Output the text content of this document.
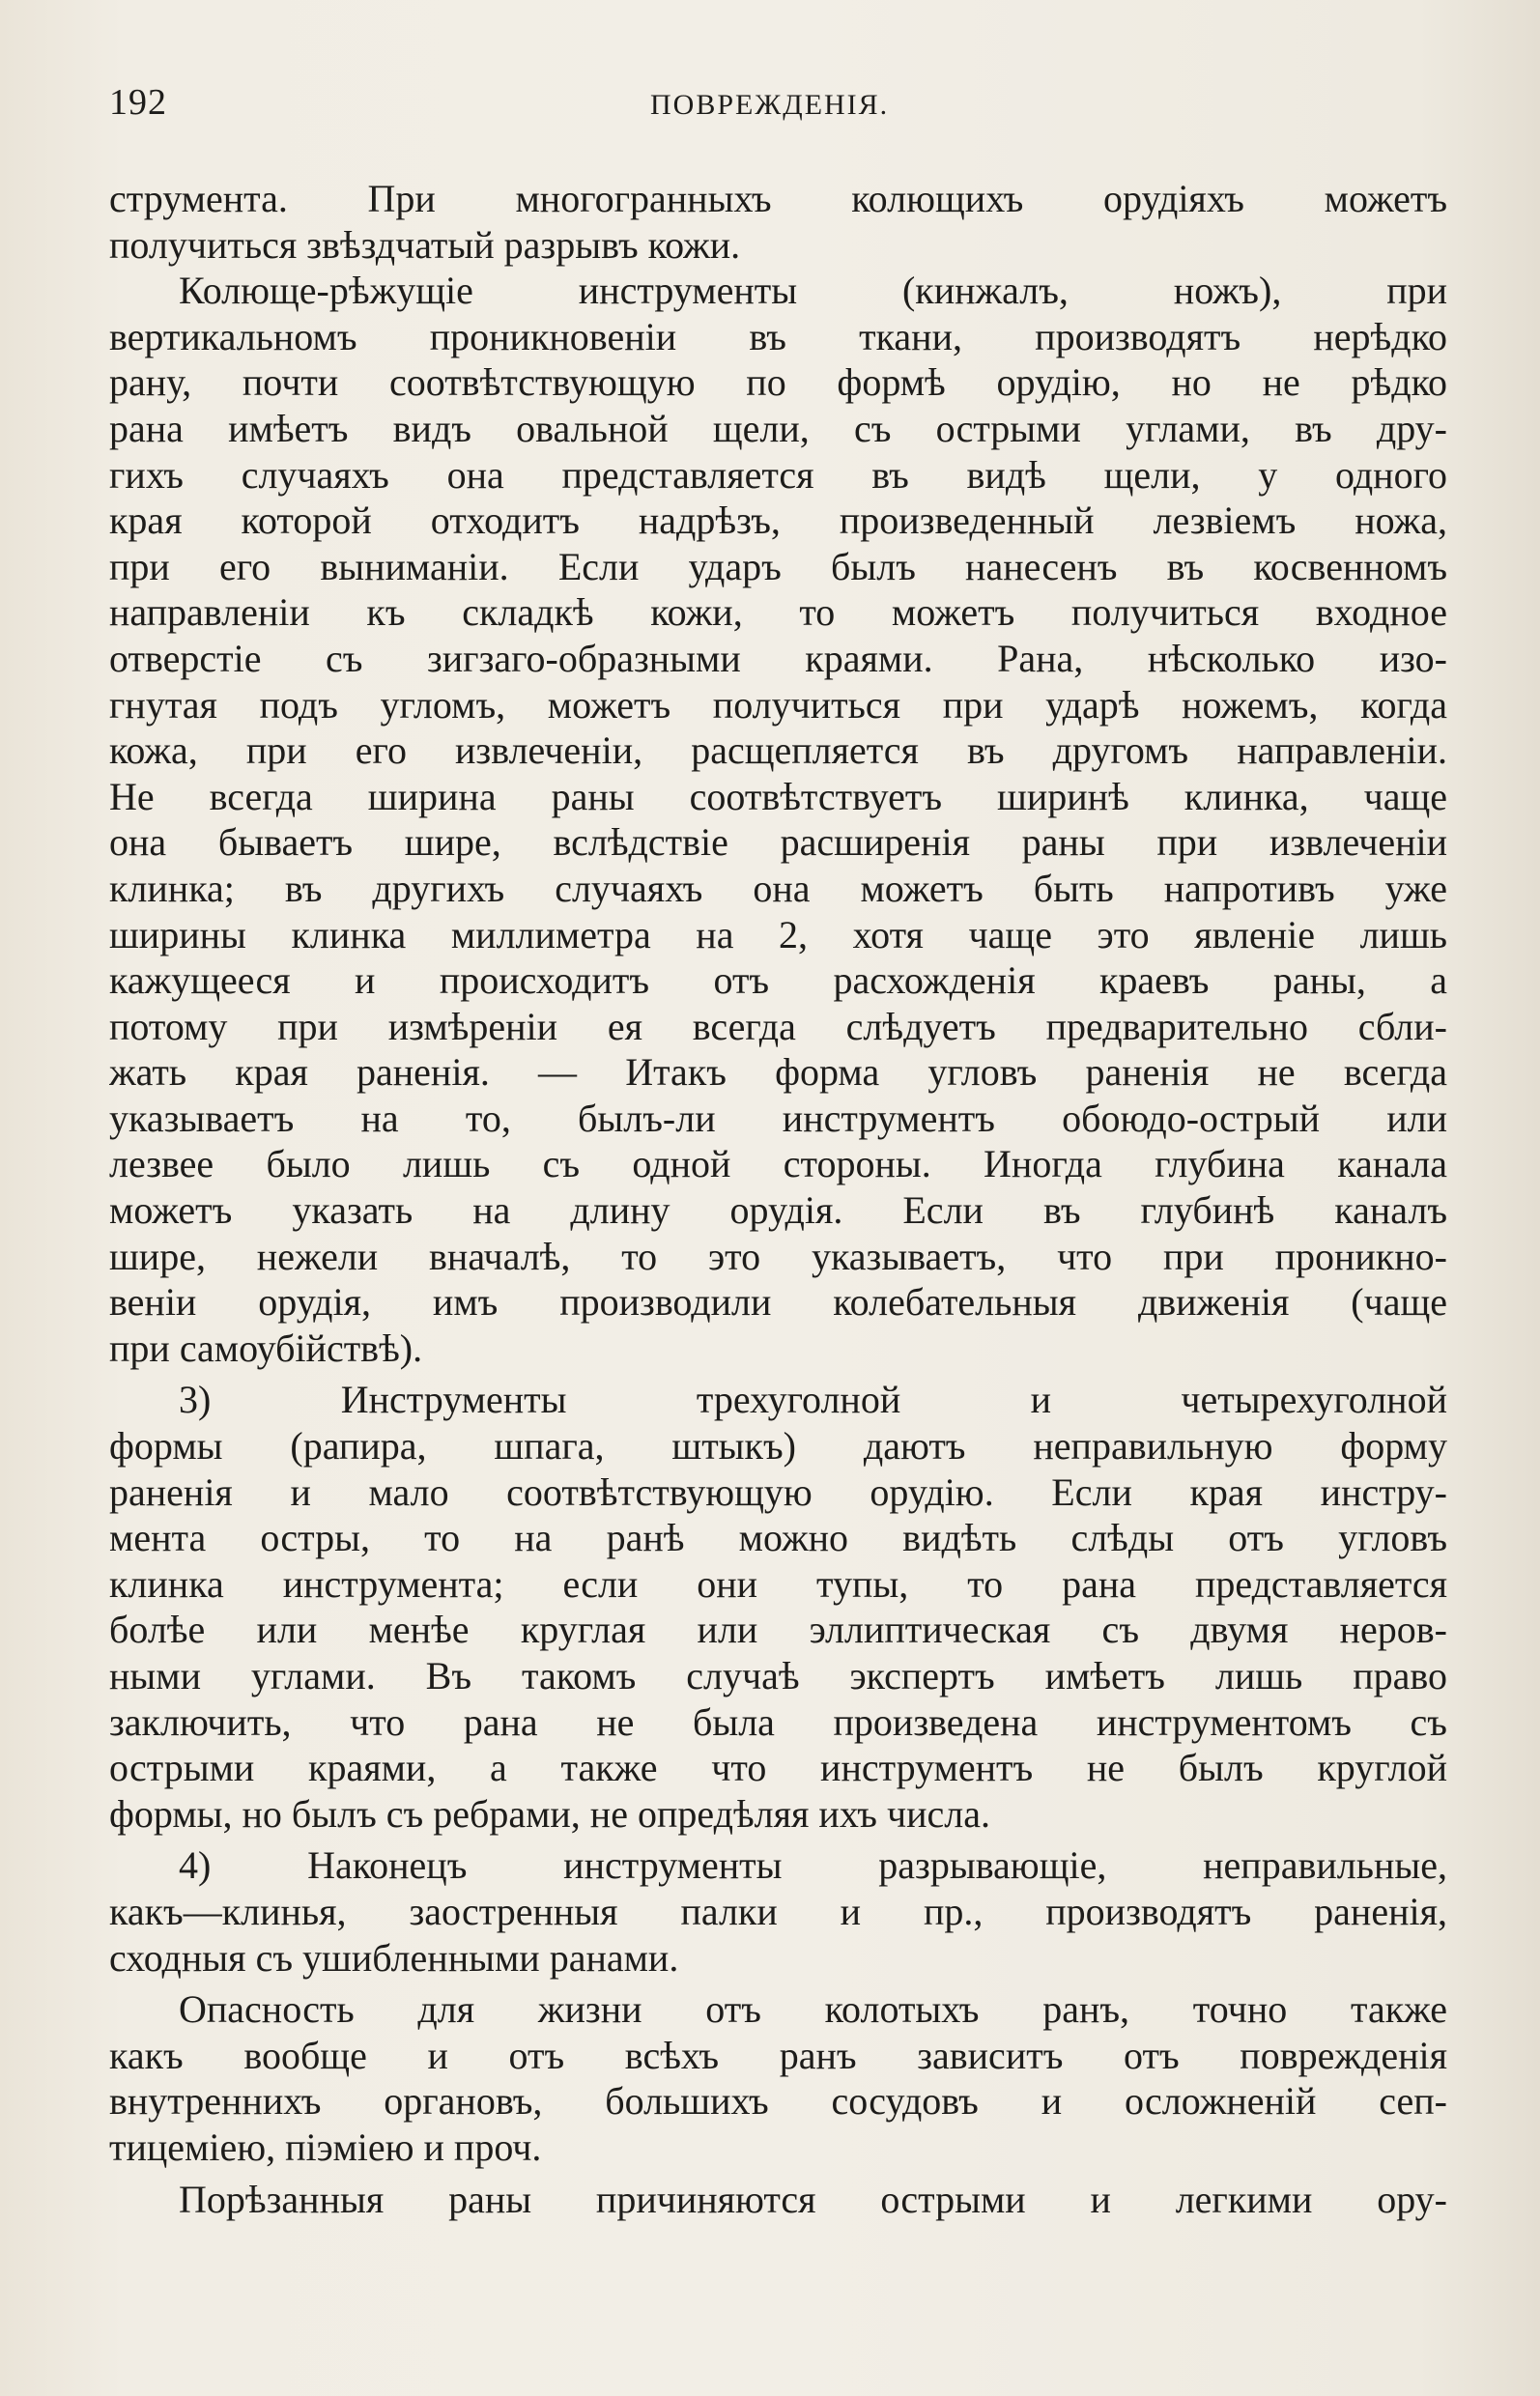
192	ПОВРЕЖДЕНІЯ.
струмента. При многогранныхъ колющихъ орудіяхъ можетъ
получиться звѣздчатый разрывъ кожи.
Колюще-рѣжущіе инструменты (кинжалъ, ножъ), при
вертикальномъ проникновеніи въ ткани, производятъ нерѣдко
рану, почти соотвѣтствующую по формѣ орудію, но не рѣдко
рана имѣетъ видъ овальной щели, съ острыми углами, въ дру-
гихъ случаяхъ она представляется въ видѣ щели, у одного
края которой отходитъ надрѣзъ, произведенный лезвіемъ ножа,
при его выниманіи. Если ударъ былъ нанесенъ въ косвенномъ
направленіи къ складкѣ кожи, то можетъ получиться входное
отверстіе съ зигзаго-образными краями. Рана, нѣсколько изо-
гнутая подъ угломъ, можетъ получиться при ударѣ ножемъ, когда
кожа, при его извлеченіи, расщепляется въ другомъ направленіи.
Не всегда ширина раны соотвѣтствуетъ ширинѣ клинка, чаще
она бываетъ шире, вслѣдствіе расширенія раны при извлеченіи
клинка; въ другихъ случаяхъ она можетъ быть напротивъ уже
ширины клинка миллиметра на 2, хотя чаще это явленіе лишь
кажущееся и происходитъ отъ расхожденія краевъ раны, а
потому при измѣреніи ея всегда слѣдуетъ предварительно сбли-
жать края раненія. — Итакъ форма угловъ раненія не всегда
указываетъ на то, былъ-ли инструментъ обоюдо-острый или
лезвее было лишь съ одной стороны. Иногда глубина канала
можетъ указать на длину орудія. Если въ глубинѣ каналъ
шире, нежели вначалѣ, то это указываетъ, что при проникно-
веніи орудія, имъ производили колебательныя движенія (чаще
при самоубійствѣ).
3) Инструменты трехуголной и четырехуголной
формы (рапира, шпага, штыкъ) даютъ неправильную форму
раненія и мало соотвѣтствующую орудію. Если края инстру-
мента остры, то на ранѣ можно видѣть слѣды отъ угловъ
клинка инструмента; если они тупы, то рана представляется
болѣе или менѣе круглая или эллиптическая съ двумя неров-
ными углами. Въ такомъ случаѣ экспертъ имѣетъ лишь право
заключить, что рана не была произведена инструментомъ съ
острыми краями, а также что инструментъ не былъ круглой
формы, но былъ съ ребрами, не опредѣляя ихъ числа.
4) Наконецъ инструменты разрывающіе, неправильные,
какъ—клинья, заостренныя палки и пр., производятъ раненія,
сходныя съ ушибленными ранами.
Опасность для жизни отъ колотыхъ ранъ, точно также
какъ вообще и отъ всѣхъ ранъ зависитъ отъ поврежденія
внутреннихъ органовъ, большихъ сосудовъ и осложненій сеп-
тицеміею, піэміею и проч.
Порѣзанныя раны причиняются острыми и легкими ору-
